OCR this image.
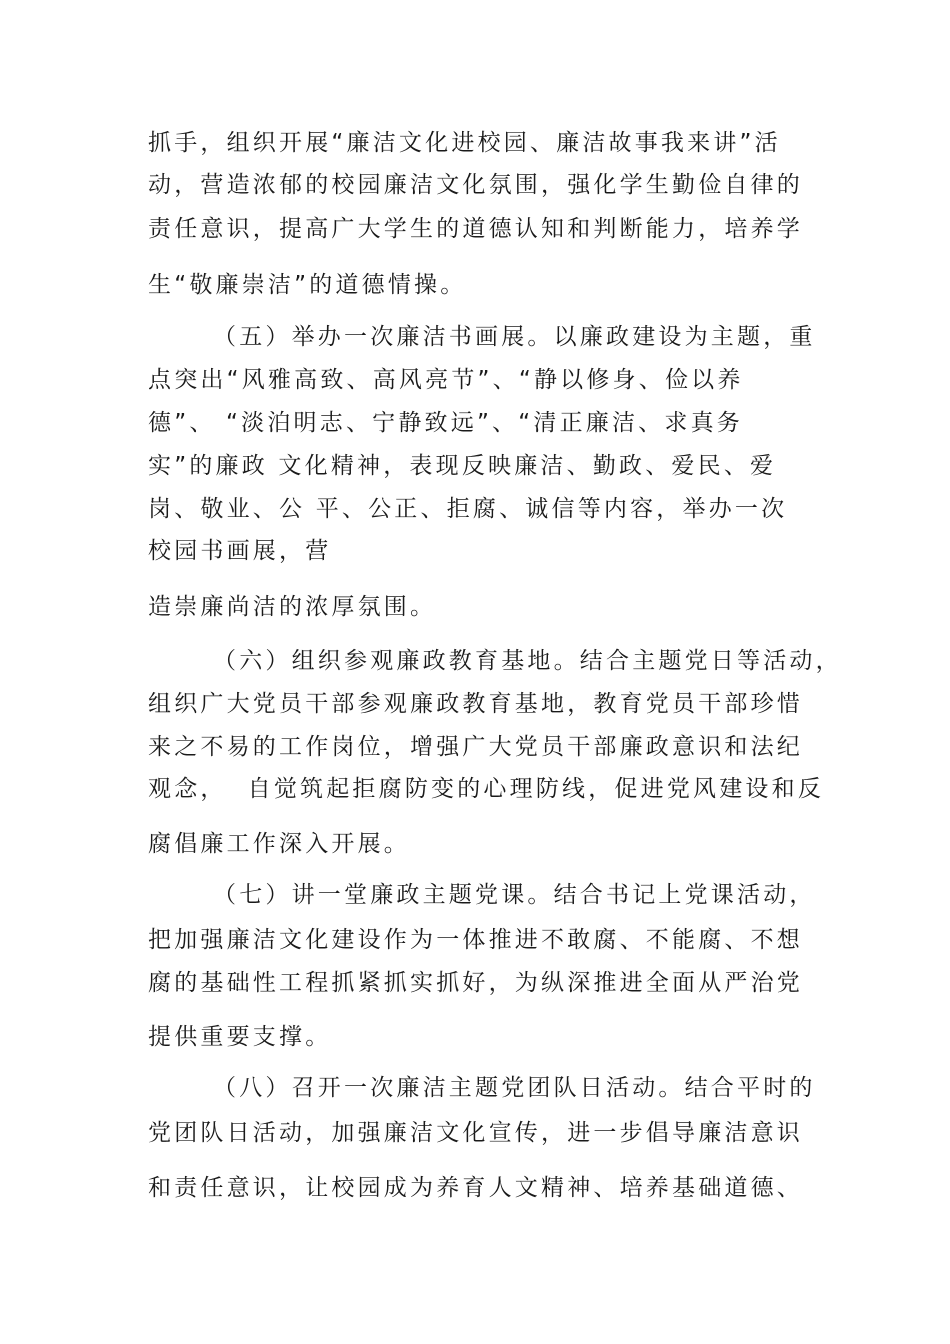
抓手，组织开展“廉洁文化进校园、廉洁故事我来讲”活
动，营造浓郁的校园廉洁文化氛围，强化学生勤俭自律的
责任意识，提高广大学生的道德认知和判断能力，培养学
生“敬廉崇洁”的道德情操。
（五）举办一次廉洁书画展。以廉政建设为主题，重
点突出“风雅高致、高风亮节”、“静以修身、俭以养
德”、 “淡泊明志、宁静致远”、“清正廉洁、求真务
实”的廉政 文化精神，表现反映廉洁、勤政、爱民、爱
岗、敬业、公 平、公正、拒腐、诚信等内容，举办一次
校园书画展，营
造崇廉尚洁的浓厚氛围。
（六）组织参观廉政教育基地。结合主题党日等活动，
组织广大党员干部参观廉政教育基地，教育党员干部珍惜
来之不易的工作岗位，增强广大党员干部廉政意识和法纪
观念，  自觉筑起拒腐防变的心理防线，促进党风建设和反
腐倡廉工作深入开展。
（七）讲一堂廉政主题党课。结合书记上党课活动，
把加强廉洁文化建设作为一体推进不敢腐、不能腐、不想
腐的基础性工程抓紧抓实抓好，为纵深推进全面从严治党
提供重要支撑。
（八）召开一次廉洁主题党团队日活动。结合平时的
党团队日活动，加强廉洁文化宣传，进一步倡导廉洁意识
和责任意识，让校园成为养育人文精神、培养基础道德、
